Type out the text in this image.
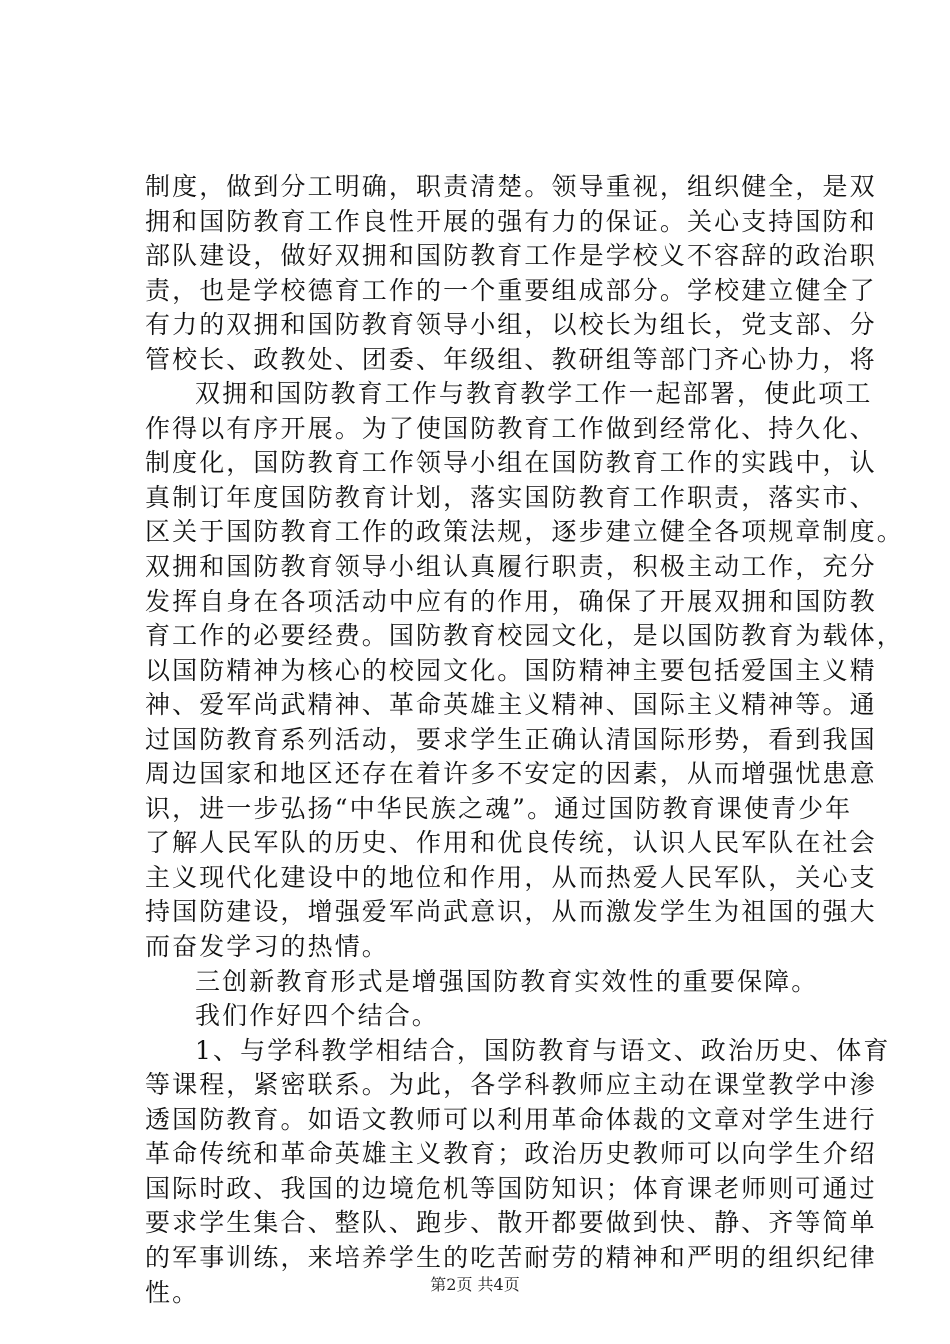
制度，做到分工明确，职责清楚。领导重视，组织健全，是双
拥和国防教育工作良性开展的强有力的保证。关心支持国防和
部队建设，做好双拥和国防教育工作是学校义不容辞的政治职
责，也是学校德育工作的一个重要组成部分。学校建立健全了
有力的双拥和国防教育领导小组，以校长为组长，党支部、分
管校长、政教处、团委、年级组、教研组等部门齐心协力，将
双拥和国防教育工作与教育教学工作一起部署，使此项工
作得以有序开展。为了使国防教育工作做到经常化、持久化、
制度化，国防教育工作领导小组在国防教育工作的实践中，认
真制订年度国防教育计划，落实国防教育工作职责，落实市、
区关于国防教育工作的政策法规，逐步建立健全各项规章制度。
双拥和国防教育领导小组认真履行职责，积极主动工作，充分
发挥自身在各项活动中应有的作用，确保了开展双拥和国防教
育工作的必要经费。国防教育校园文化，是以国防教育为载体，
以国防精神为核心的校园文化。国防精神主要包括爱国主义精
神、爱军尚武精神、革命英雄主义精神、国际主义精神等。通
过国防教育系列活动，要求学生正确认清国际形势，看到我国
周边国家和地区还存在着许多不安定的因素，从而增强忧患意
识，进一步弘扬“中华民族之魂”。通过国防教育课使青少年
了解人民军队的历史、作用和优良传统，认识人民军队在社会
主义现代化建设中的地位和作用，从而热爱人民军队，关心支
持国防建设，增强爱军尚武意识，从而激发学生为祖国的强大
而奋发学习的热情。
三创新教育形式是增强国防教育实效性的重要保障。
我们作好四个结合。
1、与学科教学相结合，国防教育与语文、政治历史、体育
等课程，紧密联系。为此，各学科教师应主动在课堂教学中渗
透国防教育。如语文教师可以利用革命体裁的文章对学生进行
革命传统和革命英雄主义教育；政治历史教师可以向学生介绍
国际时政、我国的边境危机等国防知识；体育课老师则可通过
要求学生集合、整队、跑步、散开都要做到快、静、齐等简单
的军事训练，来培养学生的吃苦耐劳的精神和严明的组织纪律
性。	第2页 共4页
